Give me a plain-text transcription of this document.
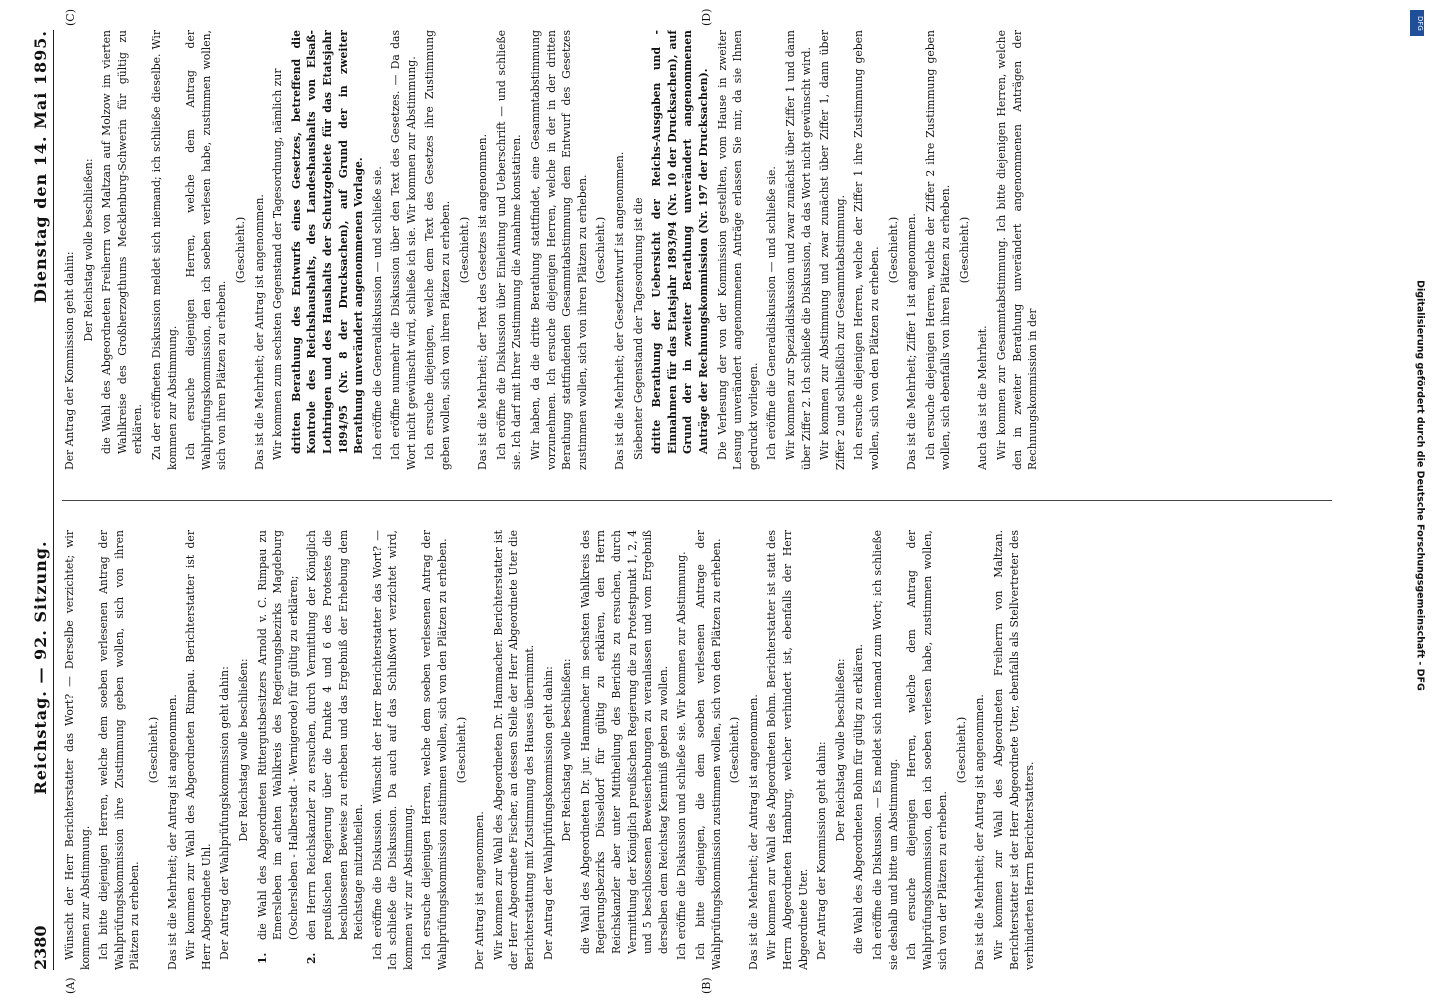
2380
Reichstag. — 92. Sitzung.
Dienstag den 14. Mai 1895.
(A)	(B)
(C)	(D)

Wünscht der Herr Berichterstatter das Wort? — Derselbe verzichtet; wir kommen zur Abstimmung. Ich bitte diejenigen Herren, welche dem soeben verlesenen Antrag der Wahlprüfungskommission ihre Zustimmung geben wollen, sich von ihren Plätzen zu erheben.

(Geschieht.) Das ist die Mehrheit; der Antrag ist angenommen. Wir kommen zur Wahl des Abgeordneten Rimpau. Berichterstatter ist der Herr Abgeordnete Uhl. Der Antrag der Wahlprüfungskommission geht dahin: Der Reichstag wolle beschließen:

1.
die Wahl des Abgeordneten Rittergutsbesitzers Arnold v. C. Rimpau zu Emersleben im achten Wahlkreis des Regierungsbezirks Magdeburg (Oschersleben - Halberstadt - Wernigerode) für gültig zu erklären;

2.
den Herrn Reichskanzler zu ersuchen, durch Vermittlung der Königlich preußischen Regierung über die Punkte 4 und 6 des Protestes die beschlossenen Beweise zu erheben und das Ergebniß der Erhebung dem Reichstage mitzutheilen. Ich eröffne die Diskussion. Wünscht der Herr Berichterstatter das Wort? — Ich schließe die Diskussion. Da auch auf das Schlußwort verzichtet wird, kommen wir zur Abstimmung. Ich ersuche diejenigen Herren, welche dem soeben verlesenen Antrag der Wahlprüfungskommission zustimmen wollen, sich von den Plätzen zu erheben. (Geschieht.)

Der Antrag ist angenommen. Wir kommen zur Wahl des Abgeordneten Dr. Hammacher. Berichterstatter ist der Herr Abgeordnete Fischer, an dessen Stelle der Herr Abgeordnete Uter die Berichterstattung mit Zustimmung des Hauses übernimmt. Der Antrag der Wahlprüfungskommission geht dahin: Der Reichstag wolle beschließen: die Wahl des Abgeordneten Dr. jur. Hammacher im sechsten Wahlkreis des Regierungsbezirks Düsseldorf für gültig zu erklären, den Herrn Reichskanzler aber unter Mittheilung des Berichts zu ersuchen, durch Vermittlung der Königlich preußischen Regierung die zu Protestpunkt 1, 2, 4 und 5 beschlossenen Beweiserhebungen zu veranlassen und vom Ergebniß derselben dem Reichstag Kenntniß geben zu wollen. Ich eröffne die Diskussion und schließe sie. Wir kommen zur Abstimmung. Ich bitte diejenigen, die dem soeben verlesenen Antrage der Wahlprüfungskommission zustimmen wollen, sich von den Plätzen zu erheben. (Geschieht.) Das ist die Mehrheit; der Antrag ist angenommen. Wir kommen zur Wahl des Abgeordneten Bohm. Berichterstatter ist statt des Herrn Abgeordneten Hamburg, welcher verhindert ist, ebenfalls der Herr Abgeordnete Uter. Der Antrag der Kommission geht dahin: Der Reichstag wolle beschließen: die Wahl des Abgeordneten Bohm für gültig zu erklären. Ich eröffne die Diskussion. — Es meldet sich niemand zum Wort; ich schließe sie deshalb und bitte um Abstimmung. Ich ersuche diejenigen Herren, welche dem Antrag der Wahlprüfungskommission, den ich soeben verlesen habe, zustimmen wollen, sich von der Plätzen zu erheben.

(Geschieht.) Das ist die Mehrheit; der Antrag ist angenommen. Wir kommen zur Wahl des Abgeordneten Freiherrn von Maltzan. Berichterstatter ist der Herr Abgeordnete Uter, ebenfalls als Stellvertreter des verhinderten Herrn Berichterstatters.

Der Antrag der Kommission geht dahin:

Der Reichstag wolle beschließen: die Wahl des Abgeordneten Freiherrn von Maltzan auf Molzow im vierten Wahlkreise des Großherzogthums Mecklenburg-Schwerin für gültig zu erklären. Zu der eröffneten Diskussion meldet sich niemand; ich schließe dieselbe. Wir kommen zur Abstimmung. Ich ersuche diejenigen Herren, welche dem Antrag der Wahlprüfungskommission, den ich soeben verlesen habe, zustimmen wollen, sich von ihren Plätzen zu erheben.

(Geschieht.) Das ist die Mehrheit; der Antrag ist angenommen. Wir kommen zum sechsten Gegenstand der Tagesordnung, nämlich zur dritten Berathung des Entwurfs eines Gesetzes, betreffend die Kontrole des Reichshaushalts, des Landeshaushalts von Elsaß-Lothringen und des Haushalts der Schutzgebiete für das Etatsjahr 1894/95 (Nr. 8 der Drucksachen), auf Grund der in zweiter Berathung unverändert angenommenen Vorlage. Ich eröffne die Generaldiskussion — und schließe sie. Ich eröffne nunmehr die Diskussion über den Text des Gesetzes. — Da das Wort nicht gewünscht wird, schließe ich sie. Wir kommen zur Abstimmung. Ich ersuche diejenigen, welche dem Text des Gesetzes ihre Zustimmung geben wollen, sich von ihren Plätzen zu erheben. (Geschieht.) Das ist die Mehrheit; der Text des Gesetzes ist angenommen. Ich eröffne die Diskussion über Einleitung und Ueberschrift — und schließe sie. Ich darf mit Ihrer Zustimmung die Annahme konstatiren. Wir haben, da die dritte Berathung stattfindet, eine Gesammtabstimmung vorzunehmen. Ich ersuche diejenigen Herren, welche in der in der dritten Berathung stattfindenden Gesammtabstimmung dem Entwurf des Gesetzes zustimmen wollen, sich von ihren Plätzen zu erheben. (Geschieht.) Das ist die Mehrheit; der Gesetzentwurf ist angenommen. Siebenter Gegenstand der Tagesordnung ist die dritte Berathung der Uebersicht der Reichs-Ausgaben und -Einnahmen für das Etatsjahr 1893/94 (Nr. 10 der Drucksachen), auf Grund der in zweiter Berathung unverändert angenommenen Anträge der Rechnungskommission (Nr. 197 der Drucksachen). Die Verlesung der von der Kommission gestellten, vom Hause in zweiter Lesung unverändert angenommenen Anträge erlassen Sie mir, da sie Ihnen gedruckt vorliegen. Ich eröffne die Generaldiskussion — und schließe sie. Wir kommen zur Spezialdiskussion und zwar zunächst über Ziffer 1 und dann über Ziffer 2. Ich schließe die Diskussion, da das Wort nicht gewünscht wird. Wir kommen zur Abstimmung und zwar zunächst über Ziffer 1, dann über Ziffer 2 und schließlich zur Gesammtabstimmung. Ich ersuche diejenigen Herren, welche der Ziffer 1 ihre Zustimmung geben wollen, sich von den Plätzen zu erheben. (Geschieht.) Das ist die Mehrheit; Ziffer 1 ist angenommen. Ich ersuche diejenigen Herren, welche der Ziffer 2 ihre Zustimmung geben wollen, sich ebenfalls von ihren Plätzen zu erheben. (Geschieht.)

Auch das ist die Mehrheit. Wir kommen zur Gesammtabstimmung. Ich bitte diejenigen Herren, welche den in zweiter Berathung unverändert angenommenen Anträgen der Rechnungskommission in der

DFG
Digitalisierung gefördert durch die Deutsche Forschungsgemeinschaft - DFG
